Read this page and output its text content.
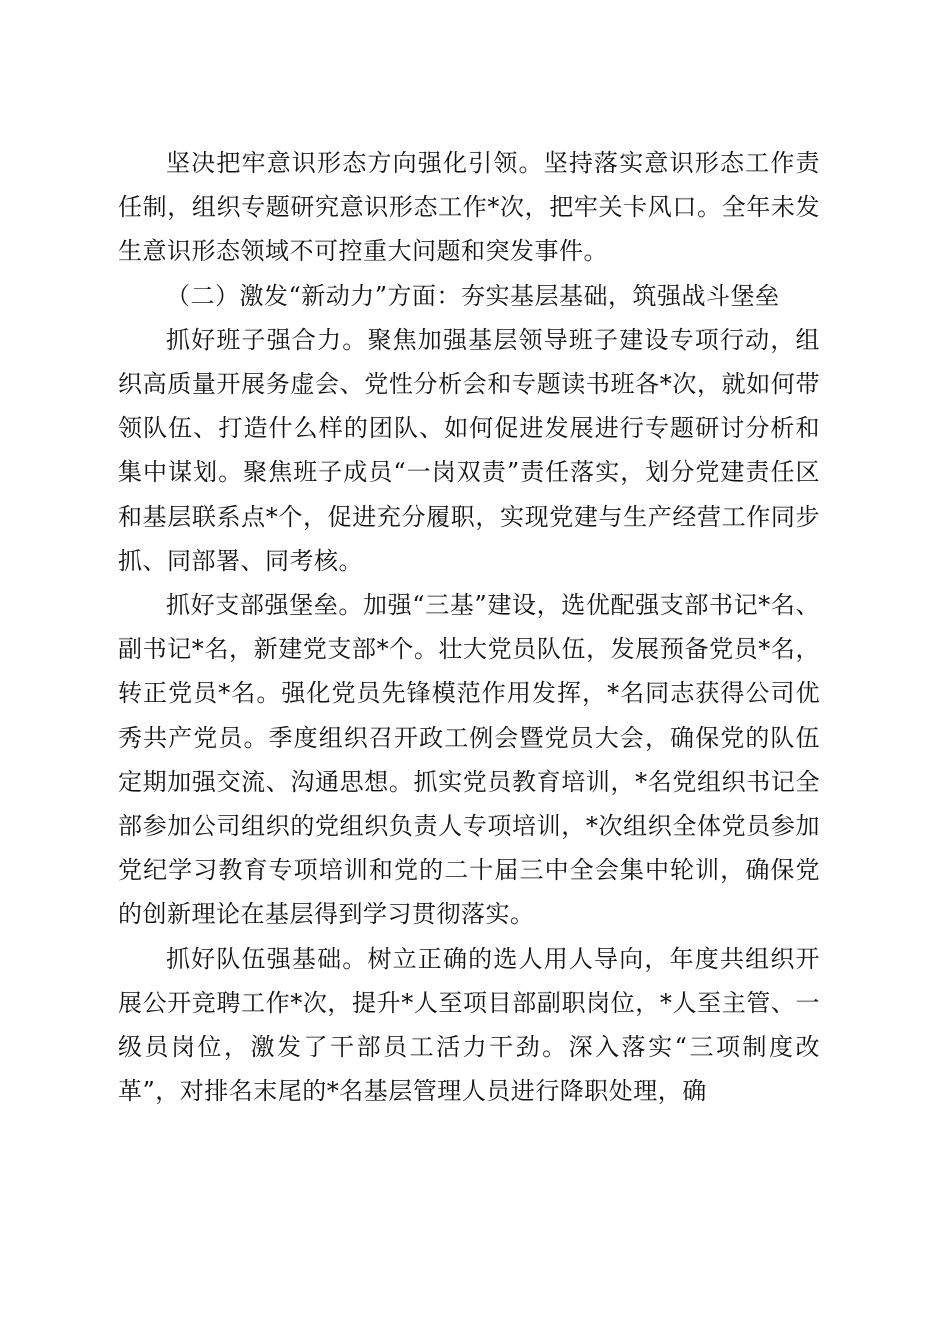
坚决把牢意识形态方向强化引领。坚持落实意识形态工作责任制，组织专题研究意识形态工作*次，把牢关卡风口。全年未发生意识形态领域不可控重大问题和突发事件。

（二）激发“新动力”方面：夯实基层基础，筑强战斗堡垒

抓好班子强合力。聚焦加强基层领导班子建设专项行动，组织高质量开展务虚会、党性分析会和专题读书班各*次，就如何带领队伍、打造什么样的团队、如何促进发展进行专题研讨分析和集中谋划。聚焦班子成员“一岗双责”责任落实，划分党建责任区和基层联系点*个，促进充分履职，实现党建与生产经营工作同步抓、同部署、同考核。

抓好支部强堡垒。加强“三基”建设，选优配强支部书记*名、副书记*名，新建党支部*个。壮大党员队伍，发展预备党员*名，转正党员*名。强化党员先锋模范作用发挥，*名同志获得公司优秀共产党员。季度组织召开政工例会暨党员大会，确保党的队伍定期加强交流、沟通思想。抓实党员教育培训，*名党组织书记全部参加公司组织的党组织负责人专项培训，*次组织全体党员参加党纪学习教育专项培训和党的二十届三中全会集中轮训，确保党的创新理论在基层得到学习贯彻落实。

抓好队伍强基础。树立正确的选人用人导向，年度共组织开展公开竞聘工作*次，提升*人至项目部副职岗位，*人至主管、一级员岗位，激发了干部员工活力干劲。深入落实“三项制度改革”，对排名末尾的*名基层管理人员进行降职处理，确
